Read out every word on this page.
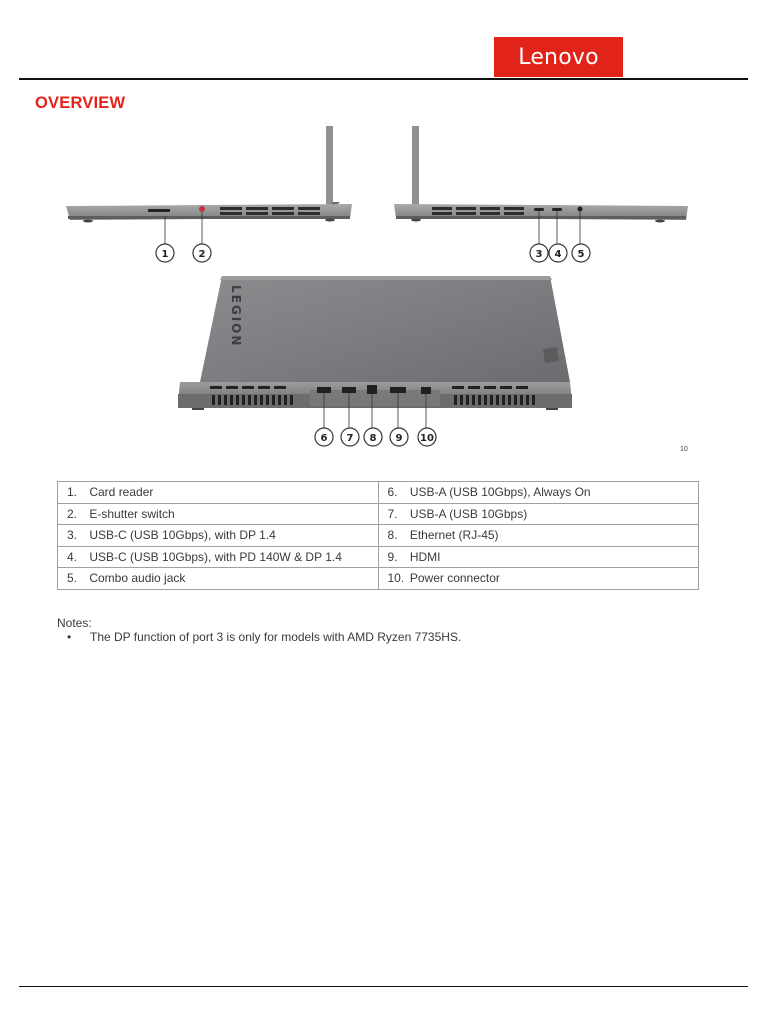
Lenovo
OVERVIEW
LEGION
1	2	3 4 5
6 7 8 9 10
10
1. Card reader	6. USB-A (USB 10Gbps), Always On
2. E-shutter switch	7. USB-A (USB 10Gbps)
3. USB-C (USB 10Gbps), with DP 1.4	8. Ethernet (RJ-45)
4. USB-C (USB 10Gbps), with PD 140W & DP 1.4	9. HDMI
5. Combo audio jack	10. Power connector
Notes:
• The DP function of port 3 is only for models with AMD Ryzen 7735HS.
